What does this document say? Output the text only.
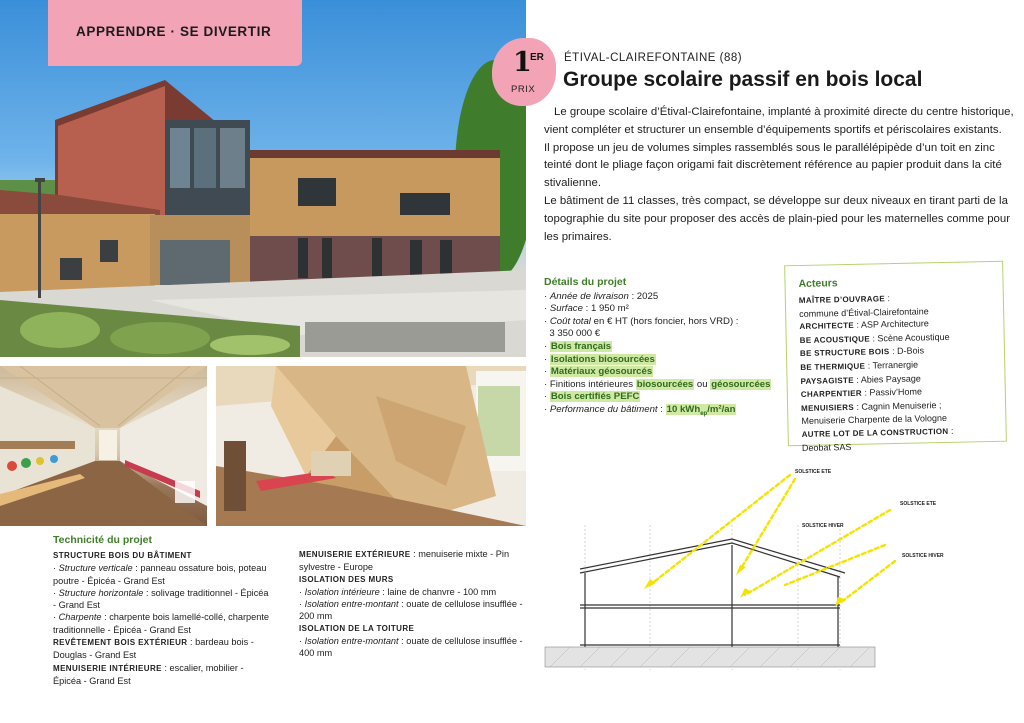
APPRENDRE · SE DIVERTIR
1
ER
PRIX
ÉTIVAL-CLAIREFONTAINE (88)
Groupe scolaire passif en bois local

Le groupe scolaire d’Étival-Clairefontaine, implanté à proximité directe du centre historique, vient compléter et structurer un ensemble d’équipements sportifs et périscolaires existants.

Il propose un jeu de volumes simples rassemblés sous le parallélépipède d’un toit en zinc teinté dont le pliage façon origami fait discrètement référence au papier produit dans la cité stivalienne.

Le bâtiment de 11 classes, très compact, se développe sur deux niveaux en tirant parti de la topographie du site pour proposer des accès de plain-pied pour les maternelles comme pour les primaires.

Détails du projet
· Année de livraison : 2025
· Surface : 1 950 m²
· Coût total en € HT (hors foncier, hors VRD) :
3 350 000 €
· Bois français
· Isolations biosourcées
· Matériaux géosourcés
· Finitions intérieures biosourcées ou géosourcées
· Bois certifiés PEFC
· Performance du bâtiment : 10 kWh$_{ep}$/m²/an
Acteurs
MAÎTRE D’OUVRAGE :
commune d’Étival-Clairefontaine
ARCHITECTE : ASP Architecture
BE ACOUSTIQUE : Scène Acoustique
BE STRUCTURE BOIS : D-Bois
BE THERMIQUE : Terranergie
PAYSAGISTE : Abies Paysage
CHARPENTIER : Passiv’Home
MENUISIERS : Cagnin Menuiserie ;
Menuiserie Charpente de la Vologne
AUTRE LOT DE LA CONSTRUCTION :
Deobat SAS
Technicité du projet
STRUCTURE BOIS DU BÂTIMENT
· Structure verticale : panneau ossature bois, poteau poutre - Épicéa - Grand Est
· Structure horizontale : solivage traditionnel - Épicéa - Grand Est
· Charpente : charpente bois lamellé-collé, charpente traditionnelle - Épicéa - Grand Est
REVÊTEMENT BOIS EXTÉRIEUR : bardeau bois - Douglas - Grand Est
MENUISERIE INTÉRIEURE : escalier, mobilier - Épicéa - Grand Est
MENUISERIE EXTÉRIEURE : menuiserie mixte - Pin sylvestre - Europe
ISOLATION DES MURS
· Isolation intérieure : laine de chanvre - 100 mm
· Isolation entre-montant : ouate de cellulose insufflée - 200 mm
ISOLATION DE LA TOITURE
· Isolation entre-montant : ouate de cellulose insufflée - 400 mm
SOLSTICE ETE
SOLSTICE ETE
SOLSTICE HIVER
SOLSTICE HIVER
